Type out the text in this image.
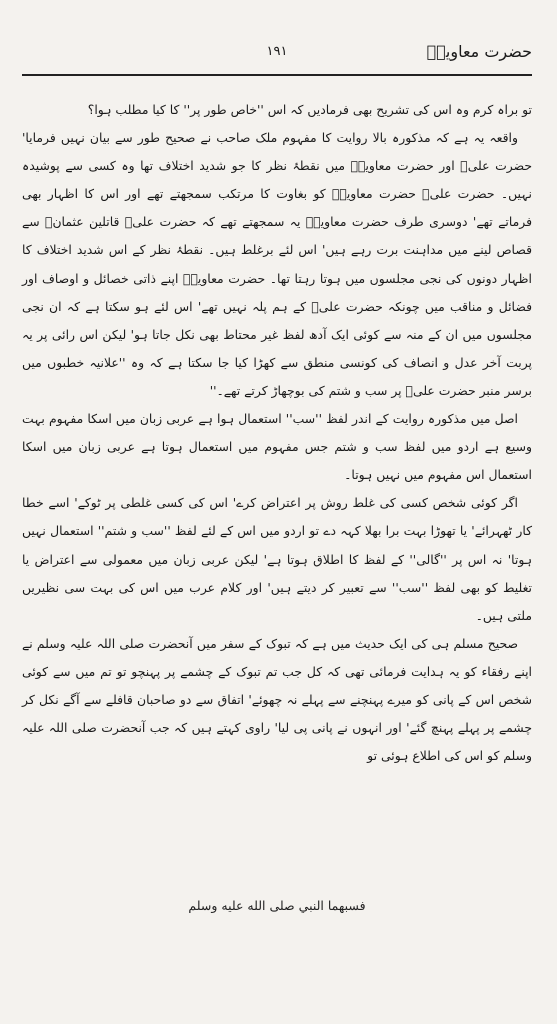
حضرت معاویہؓ
۱۹۱

تو براہ کرم وہ اس کی تشریح بھی فرمادیں کہ اس ''خاص طور پر'' کا کیا مطلب ہوا؟

واقعہ یہ ہے کہ مذکورہ بالا روایت کا مفہوم ملک صاحب نے صحیح طور سے بیان نہیں فرمایا' حضرت علیؓ اور حضرت معاویہؓ میں نقطۂ نظر کا جو شدید اختلاف تھا وہ کسی سے پوشیدہ نہیں۔ حضرت علیؓ حضرت معاویہؓ کو بغاوت کا مرتکب سمجھتے تھے اور اس کا اظہار بھی فرماتے تھے' دوسری طرف حضرت معاویہؓ یہ سمجھتے تھے کہ حضرت علیؓ قاتلین عثمانؓ سے قصاص لینے میں مداہنت برت رہے ہیں' اس لئے برغلط ہیں۔ نقطۂ نظر کے اس شدید اختلاف کا اظہار دونوں کی نجی مجلسوں میں ہوتا رہتا تھا۔ حضرت معاویہؓ اپنے ذاتی خصائل و اوصاف اور فضائل و مناقب میں چونکہ حضرت علیؓ کے ہم پلہ نہیں تھے' اس لئے ہو سکتا ہے کہ ان نجی مجلسوں میں ان کے منہ سے کوئی ایک آدھ لفظ غیر محتاط بھی نکل جاتا ہو' لیکن اس رائی پر یہ پربت آخر عدل و انصاف کی کونسی منطق سے کھڑا کیا جا سکتا ہے کہ وہ ''علانیہ خطبوں میں برسر منبر حضرت علیؓ پر سب و شتم کی بوچھاڑ کرتے تھے۔''

اصل میں مذکورہ روایت کے اندر لفظ ''سب'' استعمال ہوا ہے عربی زبان میں اسکا مفہوم بہت وسیع ہے اردو میں لفظ سب و شتم جس مفہوم میں استعمال ہوتا ہے عربی زبان میں اسکا استعمال اس مفہوم میں نہیں ہوتا۔

اگر کوئی شخص کسی کی غلط روش پر اعتراض کرے' اس کی کسی غلطی پر ٹوکے' اسے خطا کار ٹھہرائے' یا تھوڑا بہت برا بھلا کہہ دے تو اردو میں اس کے لئے لفظ ''سب و شتم'' استعمال نہیں ہوتا' نہ اس پر ''گالی'' کے لفظ کا اطلاق ہوتا ہے' لیکن عربی زبان میں معمولی سے اعتراض یا تغلیط کو بھی لفظ ''سب'' سے تعبیر کر دیتے ہیں' اور کلام عرب میں اس کی بہت سی نظیریں ملتی ہیں۔

صحیح مسلم ہی کی ایک حدیث میں ہے کہ تبوک کے سفر میں آنحضرت صلی اللہ علیہ وسلم نے اپنے رفقاء کو یہ ہدایت فرمائی تھی کہ کل جب تم تبوک کے چشمے پر پہنچو تو تم میں سے کوئی شخص اس کے پانی کو میرے پہنچنے سے پہلے نہ چھوئے' اتفاق سے دو صاحبان قافلے سے آگے نکل کر چشمے پر پہلے پہنچ گئے' اور انہوں نے پانی پی لیا' راوی کہتے ہیں کہ جب آنحضرت صلی اللہ علیہ وسلم کو اس کی اطلاع ہوئی تو

فسبهما النبي صلى الله عليه وسلم
